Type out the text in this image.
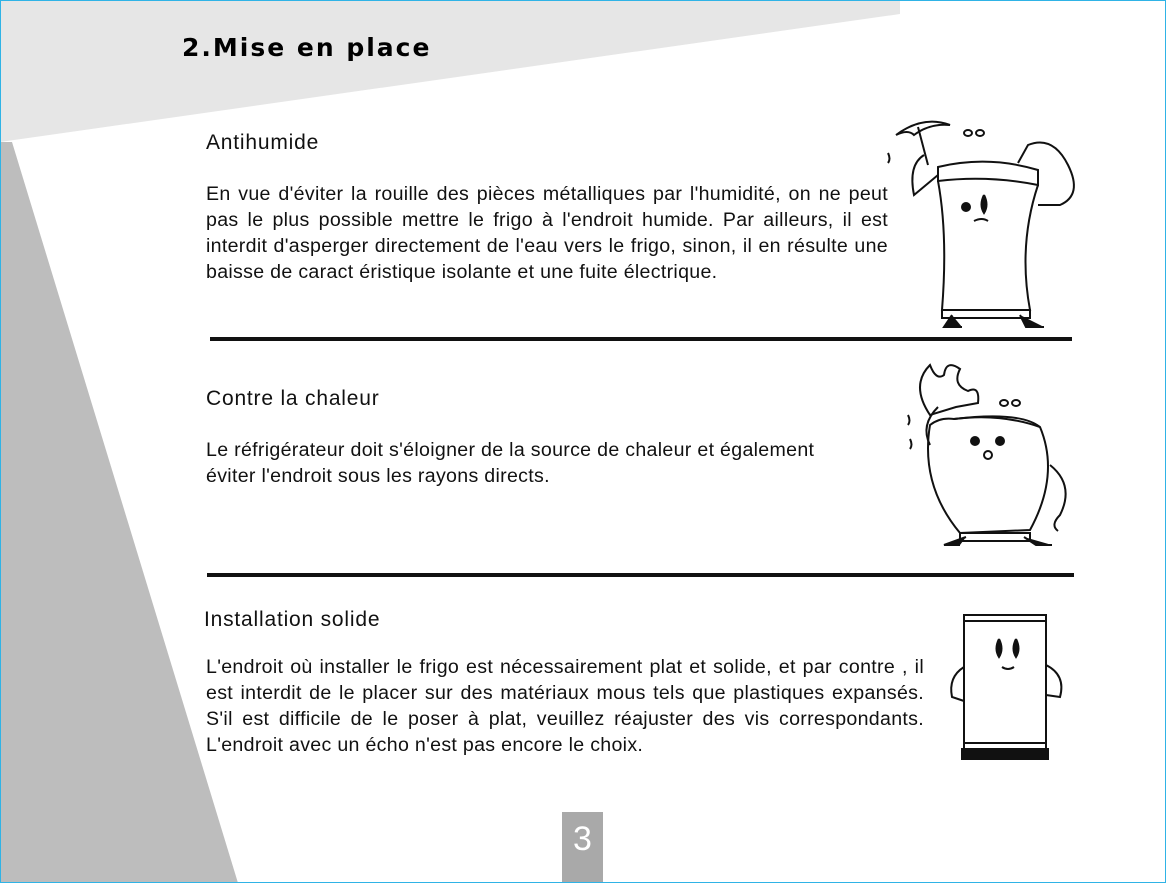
2.Mise en place
Antihumide

En vue d'éviter la rouille des pièces métalliques par l'humidité, on ne peut pas le plus possible mettre le frigo à l'endroit humide. Par ailleurs, il est interdit d'asperger directement de l'eau vers le frigo, sinon, il en résulte une baisse de caract éristique isolante et une fuite électrique.

Contre la chaleur

Le réfrigérateur doit s'éloigner de la source de chaleur et également éviter l'endroit sous les rayons directs.

Installation solide

L'endroit où installer le frigo est nécessairement plat et solide, et par contre , il est interdit de le placer sur des matériaux mous tels que plastiques expansés. S'il est difficile de le poser à plat, veuillez réajuster des vis correspondants. L'endroit avec un écho n'est pas encore le choix.

3
